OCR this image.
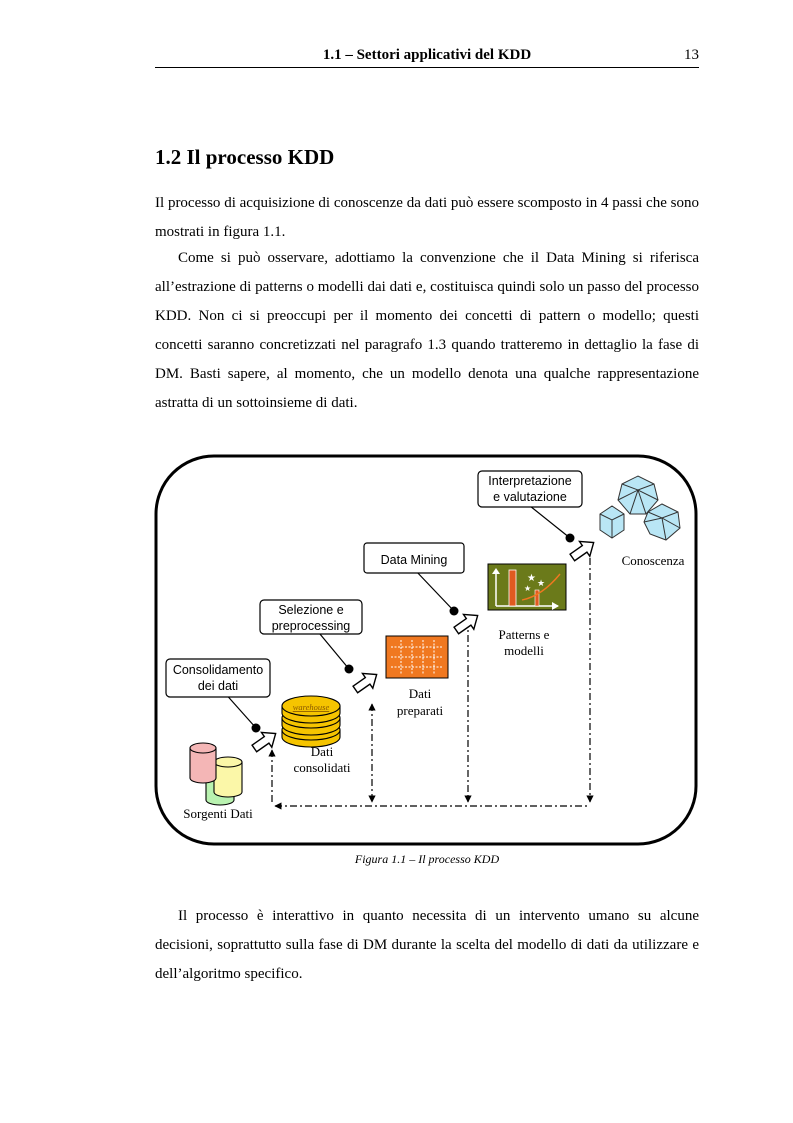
1.1 – Settori applicativi del KDD	13
1.2 Il processo KDD

Il processo di acquisizione di conoscenze da dati può essere scomposto in 4 passi che sono mostrati in figura 1.1.

Come si può osservare, adottiamo la convenzione che il Data Mining si riferisca all’estrazione di patterns o modelli dai dati e, costituisca quindi solo un passo del processo KDD. Non ci si preoccupi per il momento dei concetti di pattern o modello; questi concetti saranno concretizzati nel paragrafo 1.3 quando tratteremo in dettaglio la fase di DM. Basti sapere, al momento, che un modello denota una qualche rappresentazione astratta di un sottoinsieme di dati.

Consolidamento
dei dati
Selezione e
preprocessing
Data Mining
Interpretazione
e valutazione
Sorgenti Dati
warehouse
Dati
consolidati
Dati
preparati
★ ★
★
Patterns e
modelli
Conoscenza
Figura 1.1 – Il processo KDD

Il processo è interattivo in quanto necessita di un intervento umano su alcune decisioni, soprattutto sulla fase di DM durante la scelta del modello di dati da utilizzare e dell’algoritmo specifico.
